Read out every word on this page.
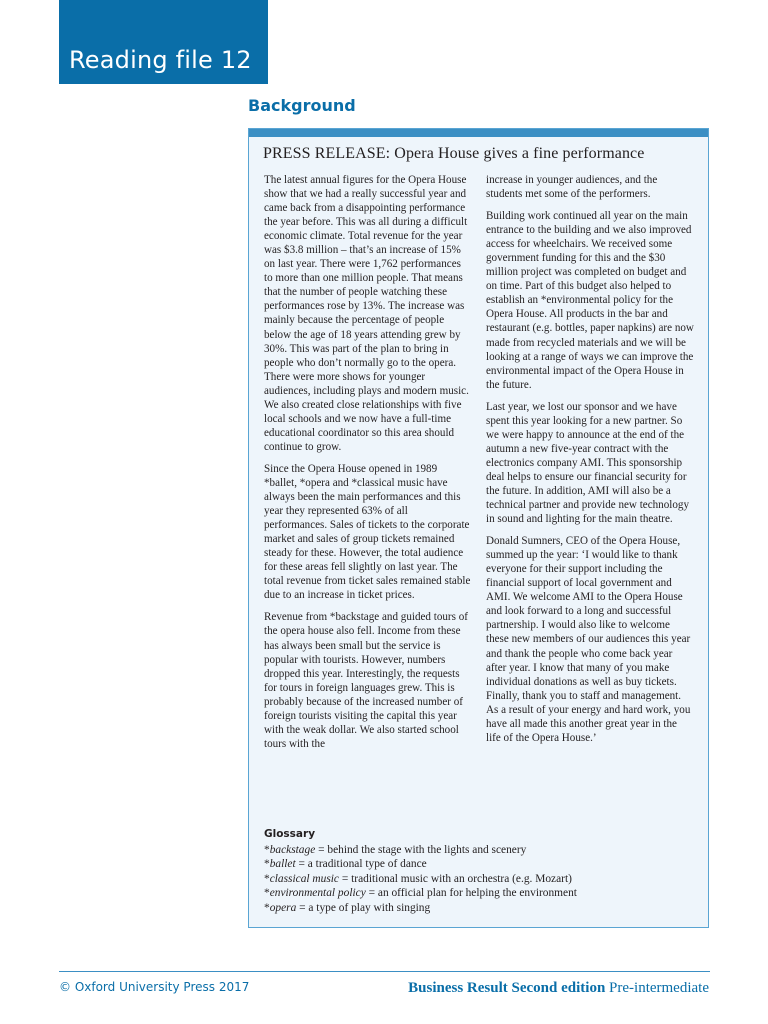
Reading file 12
Background
PRESS RELEASE: Opera House gives a fine performance

The latest annual figures for the Opera House show that we had a really successful year and came back from a disappointing performance the year before. This was all during a difficult economic climate. Total revenue for the year was $3.8 million – that’s an increase of 15% on last year. There were 1,762 performances to more than one million people. That means that the number of people watching these performances rose by 13%. The increase was mainly because the percentage of people below the age of 18 years attending grew by 30%. This was part of the plan to bring in people who don’t normally go to the opera. There were more shows for younger audiences, including plays and modern music. We also created close relationships with five local schools and we now have a full-time educational coordinator so this area should continue to grow.

Since the Opera House opened in 1989 *ballet, *opera and *classical music have always been the main performances and this year they represented 63% of all performances. Sales of tickets to the corporate market and sales of group tickets remained steady for these. However, the total audience for these areas fell slightly on last year. The total revenue from ticket sales remained stable due to an increase in ticket prices.

Revenue from *backstage and guided tours of the opera house also fell. Income from these has always been small but the service is popular with tourists. However, numbers dropped this year. Interestingly, the requests for tours in foreign languages grew. This is probably because of the increased number of foreign tourists visiting the capital this year with the weak dollar. We also started school tours with the

increase in younger audiences, and the students met some of the performers.

Building work continued all year on the main entrance to the building and we also improved access for wheelchairs. We received some government funding for this and the $30 million project was completed on budget and on time. Part of this budget also helped to establish an *environmental policy for the Opera House. All products in the bar and restaurant (e.g. bottles, paper napkins) are now made from recycled materials and we will be looking at a range of ways we can improve the environmental impact of the Opera House in the future.

Last year, we lost our sponsor and we have spent this year looking for a new partner. So we were happy to announce at the end of the autumn a new five-year contract with the electronics company AMI. This sponsorship deal helps to ensure our financial security for the future. In addition, AMI will also be a technical partner and provide new technology in sound and lighting for the main theatre.

Donald Sumners, CEO of the Opera House, summed up the year: ‘I would like to thank everyone for their support including the financial support of local government and AMI. We welcome AMI to the Opera House and look forward to a long and successful partnership. I would also like to welcome these new members of our audiences this year and thank the people who come back year after year. I know that many of you make individual donations as well as buy tickets. Finally, thank you to staff and management. As a result of your energy and hard work, you have all made this another great year in the life of the Opera House.’

Glossary
*backstage = behind the stage with the lights and scenery
*ballet = a traditional type of dance
*classical music = traditional music with an orchestra (e.g. Mozart)
*environmental policy = an official plan for helping the environment
*opera = a type of play with singing
© Oxford University Press 2017	Business Result Second edition Pre-intermediate
